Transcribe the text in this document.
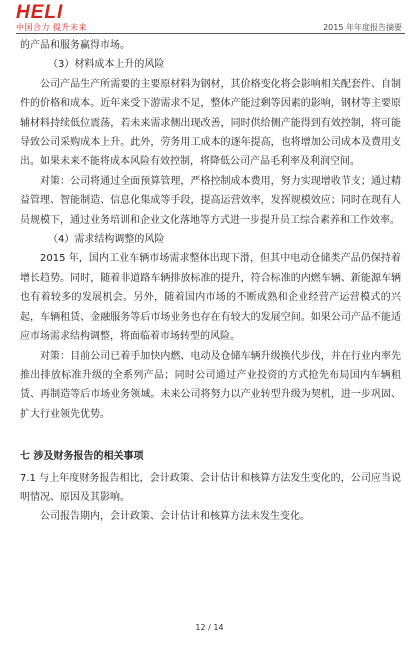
HELI
中国合力 提升未来	2015 年年度报告摘要

的产品和服务赢得市场。

（3）材料成本上升的风险

公司产品生产所需要的主要原材料为钢材，其价格变化将会影响相关配套件、自制件的价格和成本。近年来受下游需求不足，整体产能过剩等因素的影响，钢材等主要原辅材料持续低位震荡，若未来需求侧出现改善，同时供给侧产能得到有效控制，将可能导致公司采购成本上升。此外，劳务用工成本的逐年提高，也将增加公司成本及费用支出。如果未来不能将成本风险有效控制，将降低公司产品毛利率及利润空间。

对策：公司将通过全面预算管理，严格控制成本费用，努力实现增收节支；通过精益管理、智能制造、信息化集成等手段，提高运营效率，发挥规模效应；同时在现有人员规模下，通过业务培训和企业文化落地等方式进一步提升员工综合素养和工作效率。

（4）需求结构调整的风险

2015 年，国内工业车辆市场需求整体出现下滑，但其中电动仓储类产品仍保持着增长趋势。同时，随着非道路车辆排放标准的提升，符合标准的内燃车辆、新能源车辆也有着较多的发展机会。另外，随着国内市场的不断成熟和企业经营产运营模式的兴起，车辆租赁、金融服务等后市场业务也存在有较大的发展空间。如果公司产品不能适应市场需求结构调整，将面临着市场转型的风险。

对策：目前公司已着手加快内燃、电动及仓储车辆升级换代步伐，并在行业内率先推出排放标准升级的全系列产品；同时公司通过产业投资的方式抢先布局国内车辆租赁、再制造等后市场业务领域。未来公司将努力以产业转型升级为契机，进一步巩固、扩大行业领先优势。

七 涉及财务报告的相关事项

7.1 与上年度财务报告相比，会计政策、会计估计和核算方法发生变化的，公司应当说明情况、原因及其影响。

公司报告期内，会计政策、会计估计和核算方法未发生变化。

12 / 14
